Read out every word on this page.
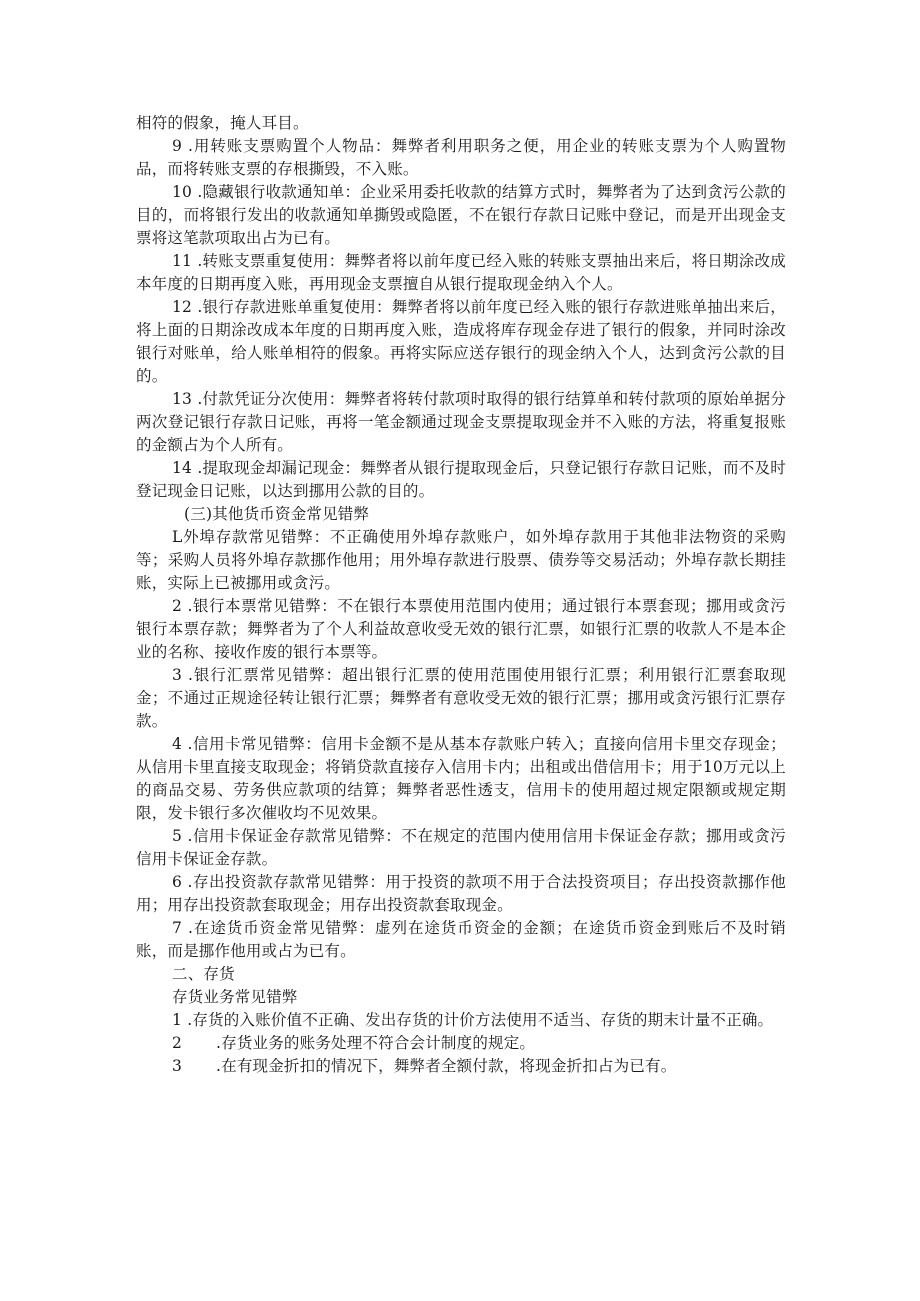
相符的假象，掩人耳目。

9 .用转账支票购置个人物品：舞弊者利用职务之便，用企业的转账支票为个人购置物品，而将转账支票的存根撕毁，不入账。

10 .隐藏银行收款通知单：企业采用委托收款的结算方式时，舞弊者为了达到贪污公款的目的，而将银行发出的收款通知单撕毁或隐匿，不在银行存款日记账中登记，而是开出现金支票将这笔款项取出占为已有。

11 .转账支票重复使用：舞弊者将以前年度已经入账的转账支票抽出来后，将日期涂改成本年度的日期再度入账，再用现金支票擅自从银行提取现金纳入个人。

12 .银行存款进账单重复使用：舞弊者将以前年度已经入账的银行存款进账单抽出来后，将上面的日期涂改成本年度的日期再度入账，造成将库存现金存进了银行的假象，并同时涂改银行对账单，给人账单相符的假象。再将实际应送存银行的现金纳入个人，达到贪污公款的目的。

13 .付款凭证分次使用：舞弊者将转付款项时取得的银行结算单和转付款项的原始单据分两次登记银行存款日记账，再将一笔金额通过现金支票提取现金并不入账的方法，将重复报账的金额占为个人所有。

14 .提取现金却漏记现金：舞弊者从银行提取现金后，只登记银行存款日记账，而不及时登记现金日记账，以达到挪用公款的目的。

(三)其他货币资金常见错弊

L外埠存款常见错弊：不正确使用外埠存款账户，如外埠存款用于其他非法物资的采购等；采购人员将外埠存款挪作他用；用外埠存款进行股票、债券等交易活动；外埠存款长期挂账，实际上已被挪用或贪污。

2 .银行本票常见错弊：不在银行本票使用范围内使用；通过银行本票套现；挪用或贪污银行本票存款；舞弊者为了个人利益故意收受无效的银行汇票，如银行汇票的收款人不是本企业的名称、接收作废的银行本票等。

3 .银行汇票常见错弊：超出银行汇票的使用范围使用银行汇票；利用银行汇票套取现金；不通过正规途径转让银行汇票；舞弊者有意收受无效的银行汇票；挪用或贪污银行汇票存款。

4 .信用卡常见错弊：信用卡金额不是从基本存款账户转入；直接向信用卡里交存现金；从信用卡里直接支取现金；将销贷款直接存入信用卡内；出租或出借信用卡；用于10万元以上的商品交易、劳务供应款项的结算；舞弊者恶性透支，信用卡的使用超过规定限额或规定期限，发卡银行多次催收均不见效果。

5 .信用卡保证金存款常见错弊：不在规定的范围内使用信用卡保证金存款；挪用或贪污信用卡保证金存款。

6 .存出投资款存款常见错弊：用于投资的款项不用于合法投资项目；存出投资款挪作他用；用存出投资款套取现金；用存出投资款套取现金。

7 .在途货币资金常见错弊：虚列在途货币资金的金额；在途货币资金到账后不及时销账，而是挪作他用或占为已有。

二、存货

存货业务常见错弊

1 .存货的入账价值不正确、发出存货的计价方法使用不适当、存货的期末计量不正确。

2	.存货业务的账务处理不符合会计制度的规定。
3	.在有现金折扣的情况下，舞弊者全额付款，将现金折扣占为已有。
